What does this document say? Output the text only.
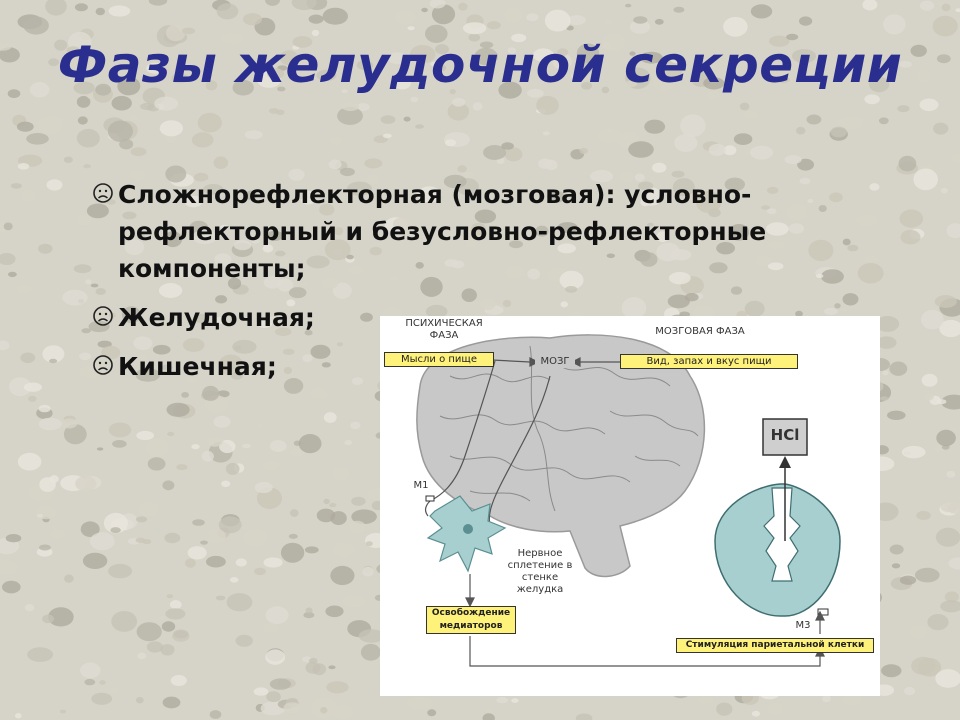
Фазы желудочной секреции
Сложнорефлекторная (мозговая): условно-рефлекторный и безусловно-рефлекторные компоненты;
Желудочная;
Кишечная;
ПСИХИЧЕСКАЯ ФАЗА	МОЗГОВАЯ ФАЗА
Мысли о пище	МОЗГ	Вид, запах и вкус пищи
HCl
M1
M3
Нервное сплетение в стенке желудка
Освобождение медиаторов
Стимуляция париетальной клетки
